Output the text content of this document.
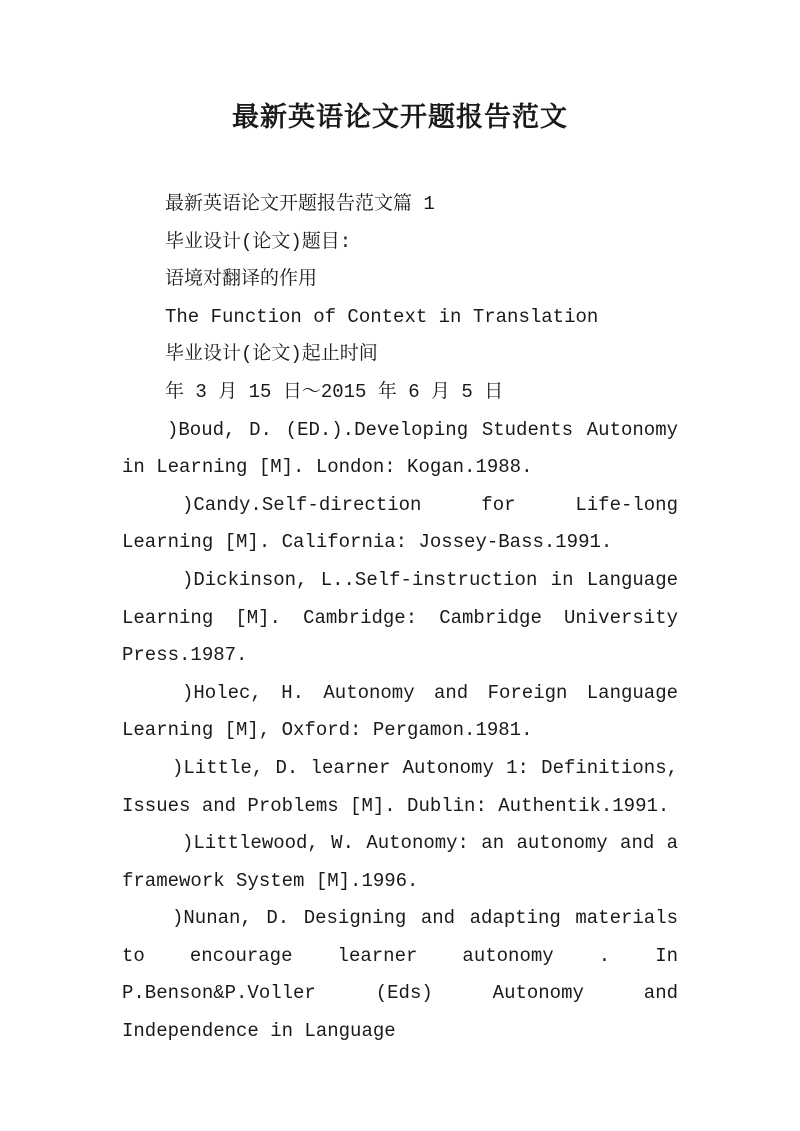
最新英语论文开题报告范文
最新英语论文开题报告范文篇 1
毕业设计(论文)题目:
语境对翻译的作用
The Function of Context in Translation
毕业设计(论文)起止时间
年 3 月 15 日～2015 年 6 月 5 日
)Boud, D. (ED.).Developing Students Autonomy in Learning [M]. London: Kogan.1988.
)Candy.Self-direction for Life-long Learning [M]. California: Jossey-Bass.1991.
)Dickinson, L..Self-instruction in Language Learning [M]. Cambridge: Cambridge University Press.1987.
)Holec, H. Autonomy and Foreign Language Learning [M], Oxford: Pergamon.1981.
)Little, D. learner Autonomy 1: Definitions, Issues and Problems [M]. Dublin: Authentik.1991.
)Littlewood, W. Autonomy: an autonomy and a framework System [M].1996.
)Nunan, D. Designing and adapting materials to encourage learner autonomy . In P.Benson&P.Voller (Eds) Autonomy and Independence in Language
